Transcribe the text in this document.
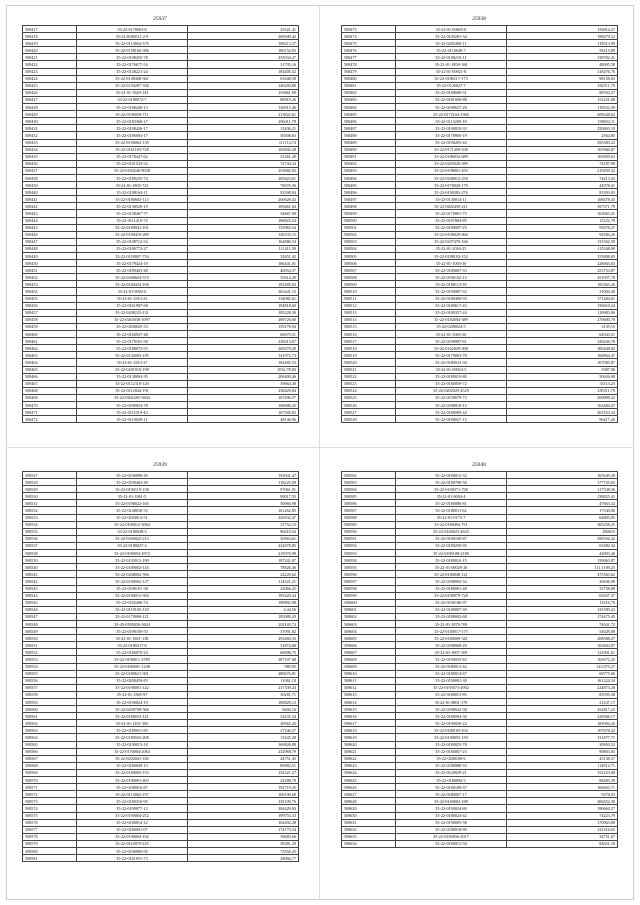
25937
508417	35-22-0178063-8	25521,41
508418	35-22-0180011-2-9	269949,42
508419	35-22-0113824-370	108213,37
508420	35-22-0158160-396	186154,93
508421	35-22-0108455-78	235034,47
508422	35-22-0176677-54	31795,16
508423	35-22-0148221-24	184405,52
508424	35-22-0148308-361	61648,58
508425	35-22-0150287-338	146204,80
508426	35-22-01-1849-143	156861,99
508427	35-22-0188072-7	86919,26
508428	35-22-0188240-13	126915,46
508429	35-22-0190059-711	213822,61
508430	35-22-0183360-17	206411,78
508431	35-22-0108426-17	13436,21
508432	35-22-0186693-17	56308,63
508433	35-22-0190002-139	111114,74
508434	35-22-0161103-728	105602,28
508435	35-22-0170447-62	31261,20
508436	35-22-0101523-32	72744,34
508437	35-22-0160240-9038	253682,92
508438	35-22-0180235-74	285823,61
508439	35-22-01-1805-723	78676,36
508440	35-22-0188164-11	92398,84
508441	35-22-0180603-115	260629,43
508442	35-22-0138520-19	109461,64
508443	35-22-0158467-77	54667,90
508444	35-22-0111410-74	186823,54
508445	35-22-0180941-101	135965,54
508446	35-22-0190419-289	148335,15
508447	35-22-0108712-54	164886,54
508448	35-22-0180772-27	111411,59
508449	35-22-0118007-754	32651,42
508450	35-22-0179424-19	186441,01
508451	35-22-0189403-48	40054,37
508452	35-22-0206604-574	35614,49
508453	35-22-0160434-100	193285,63
508454	35-22-01-9002-6	265441,15
508455	35-22-01-1813-23	134082,61
508456	35-22-0161907-68	194818,60
508457	35-22-0208223-131	185228,30
508458	35-22-0263038-1097	269726,60
508459	35-22-0208025-33	159178,94
508460	35-22-0160937-48	60679,51
508461	35-22-0179101-58	236013,67
508462	35-22-0188072-53	269270,29
508463	35-22-0132003-195	141972,73
508464	35-22-01-1813-37	184482,53
508465	35-22-0201910-198	1032,78,83
508466	35-22-0138094-35	206400,46
508467	35-22-0112318-120	39664,40
508468	35-22-0112044-191	238429,84
508469	35-22-0202205-3604	167496,57
508470	35-22-0189054-78	108686,32
508471	35-22-0111019-43	167305,83
508472	35-22-0110029-11	48146,96
25938
508473	35-22-01-00603-8	156814,27
508474	35-22-0100201-34	198479,12
508475	35-22-0202408-11	118513,99
508476	35-22-0116649-7	58215,89
508477	35-22-0100210-11	138702,41
508478	35-22-01-1850-168	48095,58
508479	35-22-01-00021-8	218476,76
508480	35-22-0186117-173	98158,63
508481	35-22-0120027-7	182511,79
508482	35-22-0180680-51	86594,27
508483	35-22-0181000-88	152251,08
508484	35-22-0180627-29	118532,39
508485	35-22-0172104-1902	208448,62
508486	35-22-0113209-18	158652,11
508487	35-22-0190810-33	250863,19
508488	35-22-0178900-19	2564,85
508489	35-22-0190203-44	295383,23
508490	35-22-0171450-108	167666,87
508491	35-22-0186032-489	165929,63
508492	35-22-0205026-589	74187,98
508493	35-22-0198001-455	219459,32
508494	35-22-0208012-258	74213,43
508495	35-22-0170020-179	44978,41
508496	35-22-0190282-276	83393,03
508497	35-22-0130014-11	108478,43
508498	35-22-0202450-211	397371,79
508499	35-22-0170801-75	163063,41
508500	35-22-0197804-85	15222,79
508501	35-22-0189007-25	95676,27
508502	35-22-0190029-064	94584,26
508503	35-22-0207479-166	131562,39
508504	35-22-01-2016-25	115548,09
508505	35-22-0188103-152	155808,65
508506	35-22-01-1003-30	228063,63
508507	35-22-0180087-33	253753,87
508508	35-22-0186102-15	251957,70
508509	35-22-0180113-59	183363,26
508510	35-22-0190087-33	31004,40
508511	35-22-0180490-93	171484,61
508512	35-22-0180617-43	156610,24
508513	35-22-0180357-24	118983,86
508514	35-22-0182004-389	270600,70
508515	35-22-0200024-5	3139,15
508516	35-22-01-1003-36	64943,51
508517	35-22-0190997-61	328436,70
508518	35-22-0162029-308	300448,02
508519	35-22-0179003-78	160864,47
508520	35-22-0180033-30	107085,87
508521	35-22-01-00024-5	3387,96
508522	35-22-0180019-80	50626,08
508523	35-22-0180059-72	33113,23
508524	35-22-0202025-4529	185311,79
508525	35-22-0150679-73	269098,22
508526	35-22-0180010-15	163484,47
508527	35-22-0180009-44	267253,54
508528	35-22-0180027-15	96417,20
25939
508527	35-22-0190090-49	192041,47
508528	35-22-0190463-49	118225,09
508529	35-22-0190119-158	97061,91
508530	35-22-01-1861-5	99017,55
508531	35-22-0198022-165	56960,98
508532	35-22-0148030-33	161262,85
508533	35-22-0184013-51	226932,47
508534	35-22-0100012-3064	31752,15
508535	35-22-0180028-5	96610,34
508536	35-22-0206022-213	30963,61
508537	35-22-0180027-2	224678,85
508538	35-22-0190054-2972	219370,99
508539	35-22-0103012-199	187241,07
508540	35-22-0180002-143	78826,36
508541	35-22-0208002-596	24220,62
508542	35-22-0190002-127	114521,21
508543	35-22-0190101-38	22066,25
508544	35-22-0190013-394	195420,44
508545	35-22-0182406-74	189892,98
508546	35-22-0119105-129	3,44,56
508547	35-22-0179000-121	185089,29
508548	35-45-0180050-3604	201120,74
508549	35-22-0198100-53	37091,82
508550	35-22-01-1861-138	293460,33
508551	35-22-0180317-8	31874,68
508552	35-22-0180070-23	66898,75
508553	35-22-0190011-2789	287107,08
508554	35-22-0180001-1248	989,95
508555	35-22-0180621-301	289676,81
508556	35-22-0200459-83	11061,18
508557	35-22-0190001-142	217339,24
508558	35-22-01-1805-97	30281,71
508559	35-22-0190024-19	180829,13
508560	35-22-0200708-366	8404,16
508561	35-22-0180033-121	32235,34
508562	35-22-01-1201-365	49565,43
508563	35-22-0180051-85	27246,57
508564	35-22-0180502-208	13245,28
508565	35-22-0190013-18	169826,08
508566	35-22-0170004-2064	232968,79
508567	35-22-0202041-182	44751,45
508568	35-22-0180049-15	80082,51
508569	35-22-0180005-153	154321,27
508570	35-22-0190001-403	22288,79
508571	35-22-0180016-87	192719,35
508572	35-22-0114002-197	160190,68
508573	35-22-0180310-95	181109,76
508574	35-22-0190077-12	284429,84
508575	35-22-0190004-252	199753,33
508576	35-22-0180014-12	164492,28
508577	35-22-0180001-07	174179,34
508578	35-22-0190004-102	38685,66
508579	35-22-0110070-225	38381,29
508580	35-22-0190006-95	73556,25
508581	35-22-0161051-73	28066,77
25940
508582	35-22-0180013-32	165649,28
508583	35-22-0180790-56	177735,65
508584	35-22-0190371-758	117538,36
508585	35-22-01-9004-4	138825,41
508586	35-22-0180086-81	47663,34
508587	35-22-0180011-62	17540,06
508588	35-22-01-9175-7	64805,85
508589	35-22-0180494-751	305438,25
508590	35-22-0160025-4625	280615
508591	35-22-0180100-87	290556,42
508592	35-22-0180250-95	65482,34
508593	35-22-0180108-2180	44893,46
508594	35-22-0180010-15	159963,87
508595	35-22-01-00029-26	111,1109,25
508596	35-22-0180048-121	475363,62
508597	35-22-0180002-34	30636,98
508598	35-22-0180001-48	33758,08
508599	35-22-0190979-728	65037,37
508600	35-22-0190186-97	13516,70
508601	35-22-0180007-39	135399,22
508602	35-22-0180002-68	174475,45
508603	35-22-01-1870-709	74041,72
508604	35-22-0180017-175	54629,08
508605	35-22-0180009-341	208588,27
508606	35-22-0180068-29	163603,87
508607	35-22-01-1807-169	122901,61
508608	35-22-0190035-83	163672,25
508609	35-22-0180013-42	123,975,27
508610	35-22-0180014-67	69775,66
508611	35-22-0190001-30	161224,34
508612	35-22-0195073-4902	224873,28
508613	35-22-0180013-85	85595,38
508614	35-22-01-8801-179	21237,17
508615	35-22-0180042-38	252817,23
508616	35-22-0180094-30	238566,17
508617	35-22-0190029-22	183994,26
508618	35-22-0180105-104	107678,42
508619	35-22-0190055-150	131877,71
508620	35-22-0180025-78	20850,52
508621	35-22-0180067-23	90803,83
508622	35-22-0200100-6	45138,37
508623	35-22-0180080-33	114912,71
508624	35-22-0120029-21	152223,08
508625	35-22-0180092-3	88483,39
508626	35-22-0180100-37	106663,71
508627	35-22-0180007-17	9278,03
508628	35-22-0160002-188	206452,30
508629	35-22-0190024-80	190664,57
508630	35-22-0180024-42	74223,79
508631	35-22-0190005-58	170963,80
508632	35-22-0180018-90	122316,65
508633	35-22-0180056-2017	34751,67
508634	35-22-0180013-50	84651,18
